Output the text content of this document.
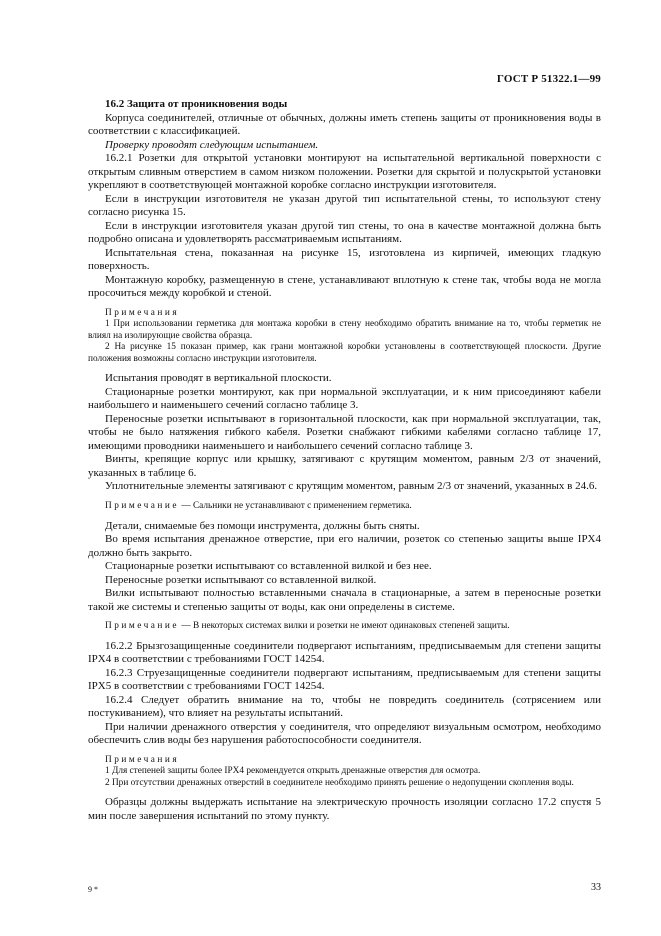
ГОСТ Р 51322.1—99

16.2 Защита от проникновения воды

Корпуса соединителей, отличные от обычных, должны иметь степень защиты от проникновения воды в соответствии с классификацией.

Проверку проводят следующим испытанием.

16.2.1 Розетки для открытой установки монтируют на испытательной вертикальной поверхности с открытым сливным отверстием в самом низком положении. Розетки для скрытой и полускрытой установки укрепляют в соответствующей монтажной коробке согласно инструкции изготовителя.

Если в инструкции изготовителя не указан другой тип испытательной стены, то используют стену согласно рисунка 15.

Если в инструкции изготовителя указан другой тип стены, то она в качестве монтажной должна быть подробно описана и удовлетворять рассматриваемым испытаниям.

Испытательная стена, показанная на рисунке 15, изготовлена из кирпичей, имеющих гладкую поверхность.

Монтажную коробку, размещенную в стене, устанавливают вплотную к стене так, чтобы вода не могла просочиться между коробкой и стеной.

Примечания

1 При использовании герметика для монтажа коробки в стену необходимо обратить внимание на то, чтобы герметик не влиял на изолирующие свойства образца.

2 На рисунке 15 показан пример, как грани монтажной коробки установлены в соответствующей плоскости. Другие положения возможны согласно инструкции изготовителя.

Испытания проводят в вертикальной плоскости.

Стационарные розетки монтируют, как при нормальной эксплуатации, и к ним присоединяют кабели наибольшего и наименьшего сечений согласно таблице 3.

Переносные розетки испытывают в горизонтальной плоскости, как при нормальной эксплуатации, так, чтобы не было натяжения гибкого кабеля. Розетки снабжают гибкими кабелями согласно таблице 17, имеющими проводники наименьшего и наибольшего сечений согласно таблице 3.

Винты, крепящие корпус или крышку, затягивают с крутящим моментом, равным 2/3 от значений, указанных в таблице 6.

Уплотнительные элементы затягивают с крутящим моментом, равным 2/3 от значений, указанных в 24.6.

Примечание — Сальники не устанавливают с применением герметика.

Детали, снимаемые без помощи инструмента, должны быть сняты.

Во время испытания дренажное отверстие, при его наличии, розеток со степенью защиты выше IPX4 должно быть закрыто.

Стационарные розетки испытывают со вставленной вилкой и без нее.

Переносные розетки испытывают со вставленной вилкой.

Вилки испытывают полностью вставленными сначала в стационарные, а затем в переносные розетки такой же системы и степенью защиты от воды, как они определены в системе.

Примечание — В некоторых системах вилки и розетки не имеют одинаковых степеней защиты.

16.2.2 Брызгозащищенные соединители подвергают испытаниям, предписываемым для степени защиты IPX4 в соответствии с требованиями ГОСТ 14254.

16.2.3 Струезащищенные соединители подвергают испытаниям, предписываемым для степени защиты IPX5 в соответствии с требованиями ГОСТ 14254.

16.2.4 Следует обратить внимание на то, чтобы не повредить соединитель (сотрясением или постукиванием), что влияет на результаты испытаний.

При наличии дренажного отверстия у соединителя, что определяют визуальным осмотром, необходимо обеспечить слив воды без нарушения работоспособности соединителя.

Примечания

1 Для степеней защиты более IPX4 рекомендуется открыть дренажные отверстия для осмотра.

2 При отсутствии дренажных отверстий в соединителе необходимо принять решение о недопущении скопления воды.

Образцы должны выдержать испытание на электрическую прочность изоляции согласно 17.2 спустя 5 мин после завершения испытаний по этому пункту.

9 *	33
